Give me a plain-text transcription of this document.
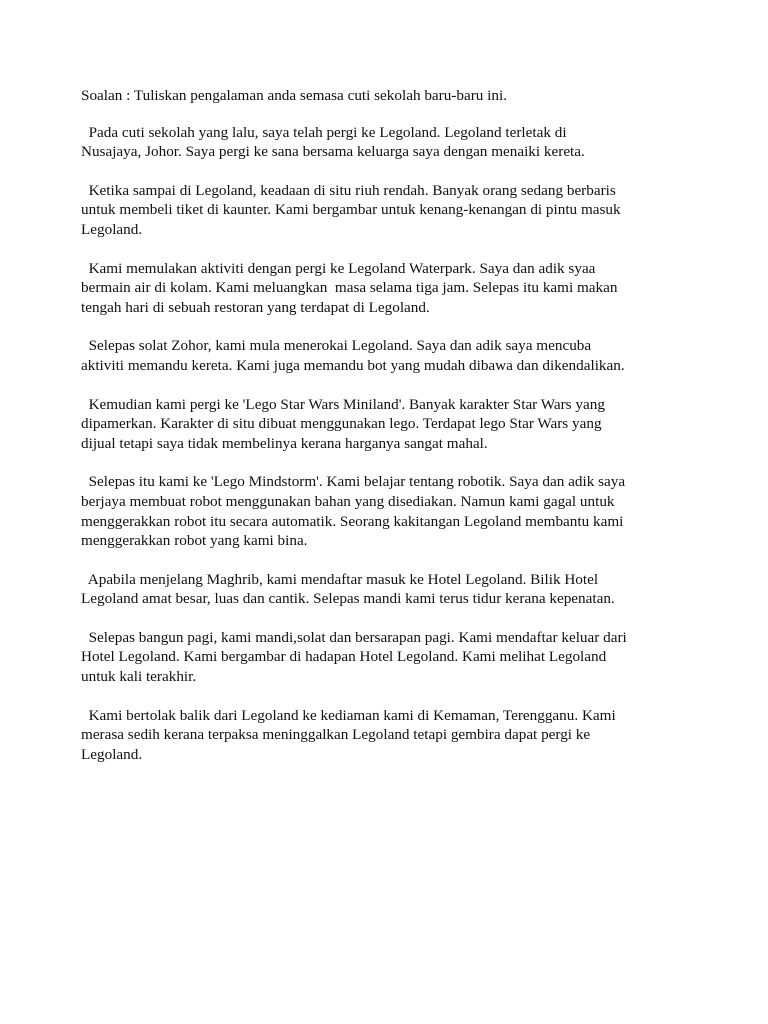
Soalan : Tuliskan pengalaman anda semasa cuti sekolah baru-baru ini.
Pada cuti sekolah yang lalu, saya telah pergi ke Legoland. Legoland terletak di
Nusajaya, Johor. Saya pergi ke sana bersama keluarga saya dengan menaiki kereta.
Ketika sampai di Legoland, keadaan di situ riuh rendah. Banyak orang sedang berbaris
untuk membeli tiket di kaunter. Kami bergambar untuk kenang-kenangan di pintu masuk
Legoland.
Kami memulakan aktiviti dengan pergi ke Legoland Waterpark. Saya dan adik syaa
bermain air di kolam. Kami meluangkan  masa selama tiga jam. Selepas itu kami makan
tengah hari di sebuah restoran yang terdapat di Legoland.
Selepas solat Zohor, kami mula menerokai Legoland. Saya dan adik saya mencuba
aktiviti memandu kereta. Kami juga memandu bot yang mudah dibawa dan dikendalikan.
Kemudian kami pergi ke 'Lego Star Wars Miniland'. Banyak karakter Star Wars yang
dipamerkan. Karakter di situ dibuat menggunakan lego. Terdapat lego Star Wars yang
dijual tetapi saya tidak membelinya kerana harganya sangat mahal.
Selepas itu kami ke 'Lego Mindstorm'. Kami belajar tentang robotik. Saya dan adik saya
berjaya membuat robot menggunakan bahan yang disediakan. Namun kami gagal untuk
menggerakkan robot itu secara automatik. Seorang kakitangan Legoland membantu kami
menggerakkan robot yang kami bina.
Apabila menjelang Maghrib, kami mendaftar masuk ke Hotel Legoland. Bilik Hotel
Legoland amat besar, luas dan cantik. Selepas mandi kami terus tidur kerana kepenatan.
Selepas bangun pagi, kami mandi,solat dan bersarapan pagi. Kami mendaftar keluar dari
Hotel Legoland. Kami bergambar di hadapan Hotel Legoland. Kami melihat Legoland
untuk kali terakhir.
Kami bertolak balik dari Legoland ke kediaman kami di Kemaman, Terengganu. Kami
merasa sedih kerana terpaksa meninggalkan Legoland tetapi gembira dapat pergi ke
Legoland.
